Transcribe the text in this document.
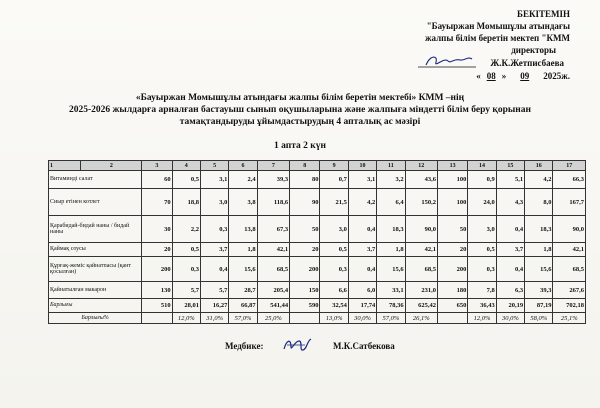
БЕКІТЕМІН
"Бауыржан Момышұлы атындағы
жалпы білім беретін мектеп "КММ
директоры
Ж.К.Жетписбаева
« 08 »	09	2025ж.
«Бауыржан Момышұлы атындағы жалпы білім беретін мектебі» КММ –нің
2025-2026 жылдарға арналған бастауыш сынып оқушыларына және жалпыға міндетті білім беру қорынан
тамақтандыруды ұйымдастырудың 4 апталық ас мәзірі
1 апта 2 күн
1	2	3	4	5	6	7	8	9	10	11	12	13	14	15	16	17
Витаминді салат		60	0,5	3,1	2,4	39,3	80	0,7	3,1	3,2	43,6	100	0,9	5,1	4,2	66,3
Сиыр етінен котлет		70	18,8	3,0	3,8	118,6	90	21,5	4,2	6,4	150,2	100	24,0	4,3	8,0	167,7
Қарабидай-бидай наны / бидай наны		30	2,2	0,3	13,8	67,3	50	3,0	0,4	18,3	90,0	50	3,0	0,4	18,3	90,0
Қаймақ соусы		20	0,5	3,7	1,8	42,1	20	0,5	3,7	1,8	42,1	20	0,5	3,7	1,8	42,1
Құрғақ-жеміс қайнатпасы (қант қосылған)		200	0,3	0,4	15,6	68,5	200	0,3	0,4	15,6	68,5	200	0,3	0,4	15,6	68,5
Қайнатылған макарон		130	5,7	5,7	28,7	205,4	150	6,6	6,0	33,1	231,0	180	7,8	6,3	39,3	267,6
Барлығы		510	28,01	16,27	66,87	541,44	590	32,54	17,74	78,36	625,42	650	36,43	20,19	87,19	702,18
Барлығы%			12,0%	31,0%	57,0%	25,0%		13,0%	30,0%	57,0%	26,1%		12,0%	30,0%	58,0%	25,1%
Медбике:	М.К.Сатбекова
